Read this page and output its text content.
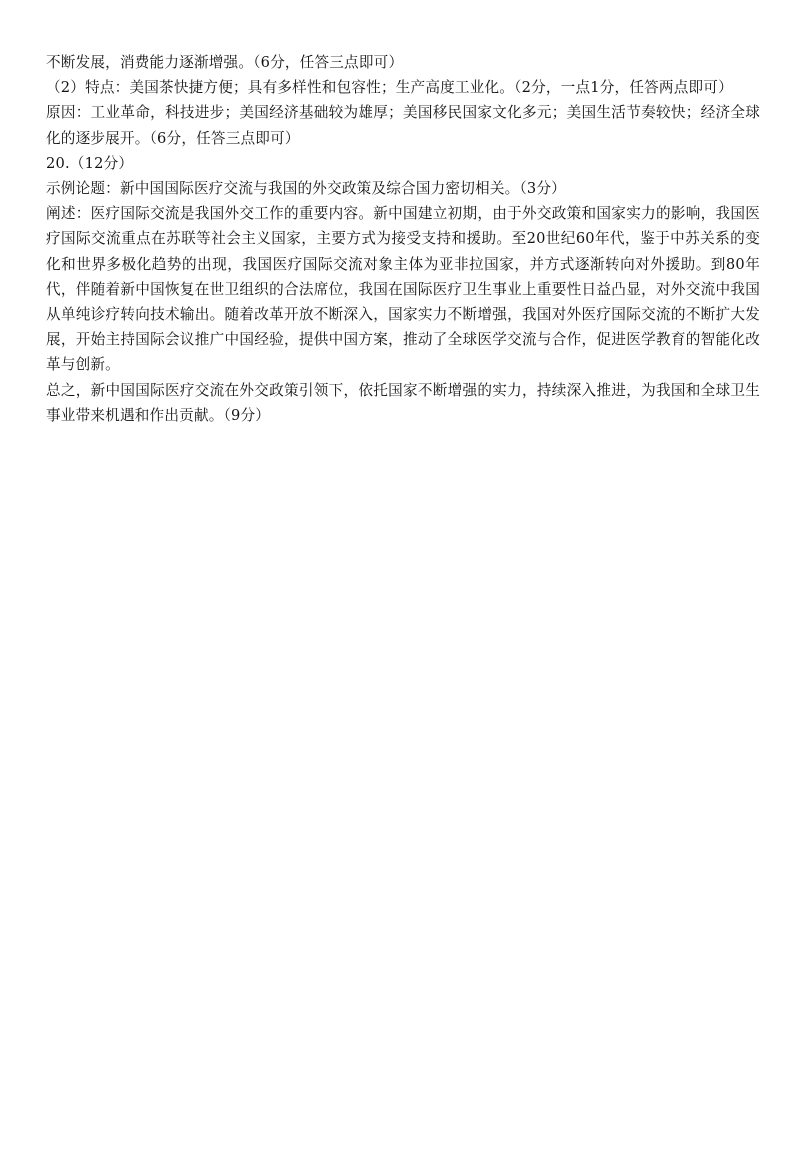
不断发展，消费能力逐渐增强。（6分，任答三点即可）

（2）特点：美国茶快捷方便；具有多样性和包容性；生产高度工业化。（2分，一点1分，任答两点即可）

原因：工业革命，科技进步；美国经济基础较为雄厚；美国移民国家文化多元；美国生活节奏较快；经济全球化的逐步展开。（6分，任答三点即可）

20.（12分）

示例论题：新中国国际医疗交流与我国的外交政策及综合国力密切相关。（3分）

阐述：医疗国际交流是我国外交工作的重要内容。新中国建立初期，由于外交政策和国家实力的影响，我国医疗国际交流重点在苏联等社会主义国家，主要方式为接受支持和援助。至20世纪60年代，鉴于中苏关系的变化和世界多极化趋势的出现，我国医疗国际交流对象主体为亚非拉国家，并方式逐渐转向对外援助。到80年代，伴随着新中国恢复在世卫组织的合法席位，我国在国际医疗卫生事业上重要性日益凸显，对外交流中我国从单纯诊疗转向技术输出。随着改革开放不断深入，国家实力不断增强，我国对外医疗国际交流的不断扩大发展，开始主持国际会议推广中国经验，提供中国方案，推动了全球医学交流与合作，促进医学教育的智能化改革与创新。

总之，新中国国际医疗交流在外交政策引领下，依托国家不断增强的实力，持续深入推进，为我国和全球卫生事业带来机遇和作出贡献。（9分）
